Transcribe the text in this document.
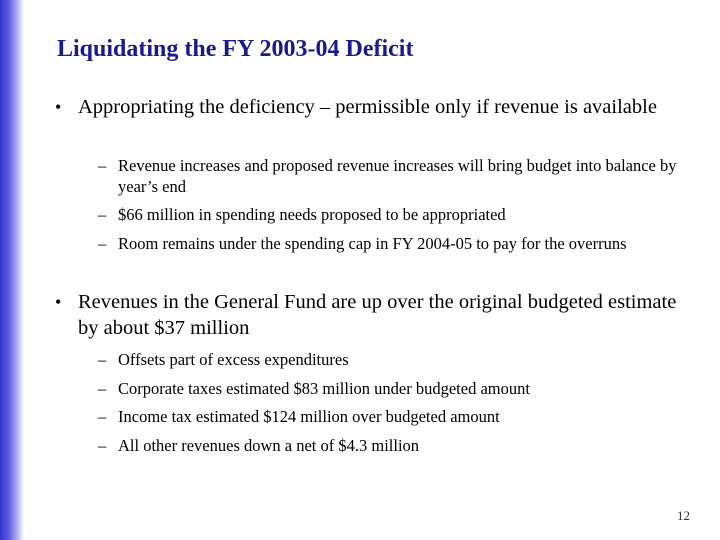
Liquidating the FY 2003-04 Deficit
• Appropriating the deficiency – permissible only if revenue is available
– Revenue increases and proposed revenue increases will bring budget into balance by year’s end
– $66 million in spending needs proposed to be appropriated
– Room remains under the spending cap in FY 2004-05 to pay for the overruns
• Revenues in the General Fund are up over the original budgeted estimate by about $37 million
– Offsets part of excess expenditures
– Corporate taxes estimated $83 million under budgeted amount
– Income tax estimated $124 million over budgeted amount
– All other revenues down a net of $4.3 million
12
